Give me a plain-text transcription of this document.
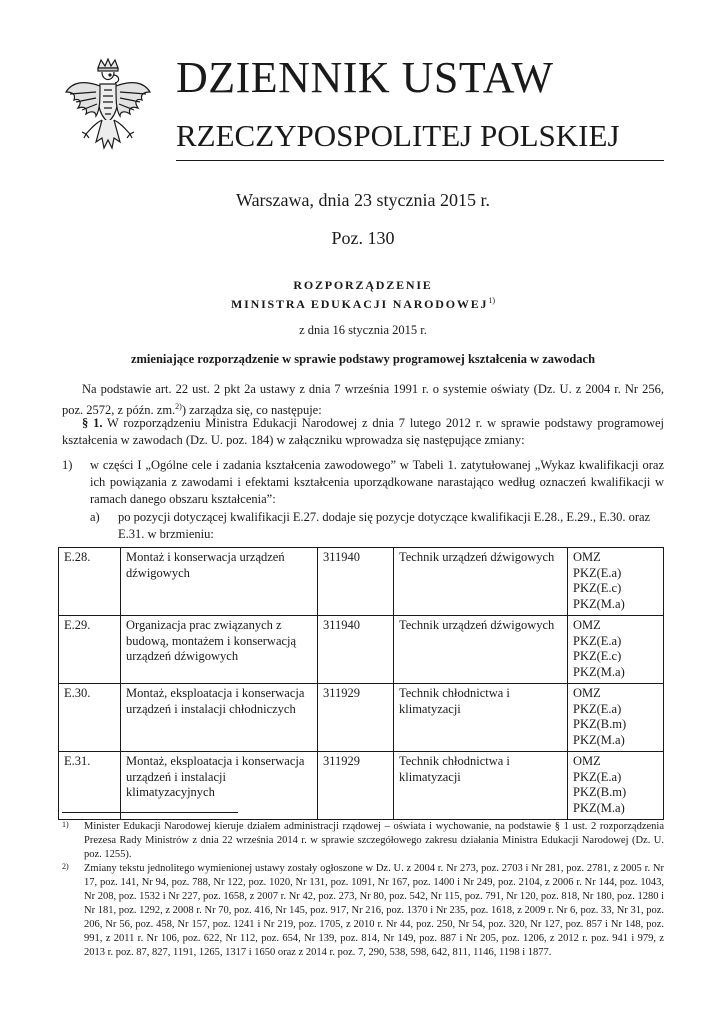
DZIENNIK USTAW
RZECZYPOSPOLITEJ POLSKIEJ
Warszawa, dnia 23 stycznia 2015 r.
Poz. 130
ROZPORZĄDZENIE
MINISTRA EDUKACJI NARODOWEJ$^{1)}$
z dnia 16 stycznia 2015 r.
zmieniające rozporządzenie w sprawie podstawy programowej kształcenia w zawodach
Na podstawie art. 22 ust. 2 pkt 2a ustawy z dnia 7 września 1991 r. o systemie oświaty (Dz. U. z 2004 r. Nr 256, poz. 2572, z późn. zm.$^{2)}$) zarządza się, co następuje:
§ 1. W rozporządzeniu Ministra Edukacji Narodowej z dnia 7 lutego 2012 r. w sprawie podstawy programowej kształcenia w zawodach (Dz. U. poz. 184) w załączniku wprowadza się następujące zmiany:
1) w części I „Ogólne cele i zadania kształcenia zawodowego” w Tabeli 1. zatytułowanej „Wykaz kwalifikacji oraz ich powiązania z zawodami i efektami kształcenia uporządkowane narastająco według oznaczeń kwalifikacji w ramach danego obszaru kształcenia”:
a) po pozycji dotyczącej kwalifikacji E.27. dodaje się pozycje dotyczące kwalifikacji E.28., E.29., E.30. oraz E.31. w brzmieniu:
E.28.	Montaż i konserwacja urządzeń dźwigowych	311940	Technik urządzeń dźwigowych	OMZ
PKZ(E.a)
PKZ(E.c)
PKZ(M.a)

E.29.	Organizacja prac związanych z budową, montażem i konserwacją urządzeń dźwigowych	311940	Technik urządzeń dźwigowych	OMZ
PKZ(E.a)
PKZ(E.c)
PKZ(M.a)

E.30.	Montaż, eksploatacja i konserwacja urządzeń i instalacji chłodniczych	311929	Technik chłodnictwa i klimatyzacji	OMZ
PKZ(E.a)
PKZ(B.m)
PKZ(M.a)

E.31.	Montaż, eksploatacja i konserwacja urządzeń i instalacji klimatyzacyjnych	311929	Technik chłodnictwa i klimatyzacji	OMZ
PKZ(E.a)
PKZ(B.m)
PKZ(M.a)
1) Minister Edukacji Narodowej kieruje działem administracji rządowej – oświata i wychowanie, na podstawie § 1 ust. 2 rozporządzenia Prezesa Rady Ministrów z dnia 22 września 2014 r. w sprawie szczegółowego zakresu działania Ministra Edukacji Narodowej (Dz. U. poz. 1255).
2) Zmiany tekstu jednolitego wymienionej ustawy zostały ogłoszone w Dz. U. z 2004 r. Nr 273, poz. 2703 i Nr 281, poz. 2781, z 2005 r. Nr 17, poz. 141, Nr 94, poz. 788, Nr 122, poz. 1020, Nr 131, poz. 1091, Nr 167, poz. 1400 i Nr 249, poz. 2104, z 2006 r. Nr 144, poz. 1043, Nr 208, poz. 1532 i Nr 227, poz. 1658, z 2007 r. Nr 42, poz. 273, Nr 80, poz. 542, Nr 115, poz. 791, Nr 120, poz. 818, Nr 180, poz. 1280 i Nr 181, poz. 1292, z 2008 r. Nr 70, poz. 416, Nr 145, poz. 917, Nr 216, poz. 1370 i Nr 235, poz. 1618, z 2009 r. Nr 6, poz. 33, Nr 31, poz. 206, Nr 56, poz. 458, Nr 157, poz. 1241 i Nr 219, poz. 1705, z 2010 r. Nr 44, poz. 250, Nr 54, poz. 320, Nr 127, poz. 857 i Nr 148, poz. 991, z 2011 r. Nr 106, poz. 622, Nr 112, poz. 654, Nr 139, poz. 814, Nr 149, poz. 887 i Nr 205, poz. 1206, z 2012 r. poz. 941 i 979, z 2013 r. poz. 87, 827, 1191, 1265, 1317 i 1650 oraz z 2014 r. poz. 7, 290, 538, 598, 642, 811, 1146, 1198 i 1877.
